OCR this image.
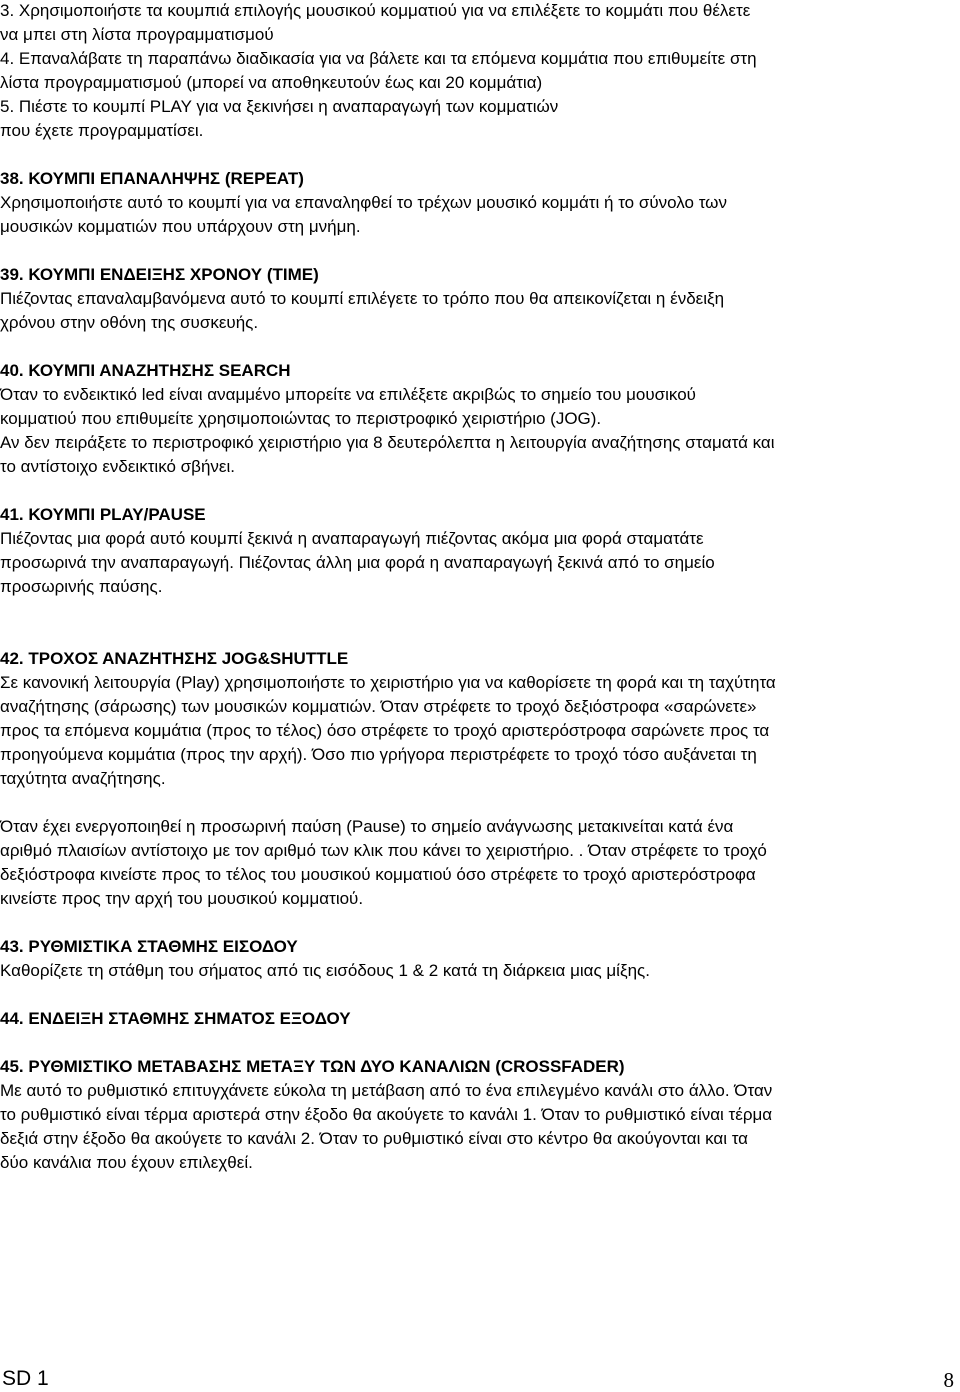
3. Χρησιμοποιήστε τα κουμπιά επιλογής μουσικού κομματιού για να επιλέξετε το κομμάτι που θέλετε
να μπει στη λίστα προγραμματισμού
4. Επαναλάβατε τη παραπάνω διαδικασία για να βάλετε και τα επόμενα κομμάτια που επιθυμείτε στη
λίστα προγραμματισμού (μπορεί να αποθηκευτούν έως και 20 κομμάτια)
5. Πιέστε το κουμπί PLAY για να ξεκινήσει η αναπαραγωγή των κομματιών
που έχετε προγραμματίσει.
38. ΚΟΥΜΠΙ ΕΠΑΝΑΛΗΨΗΣ (REPEAT)
Χρησιμοποιήστε αυτό το κουμπί για να επαναληφθεί το τρέχων μουσικό κομμάτι ή το σύνολο των
μουσικών κομματιών που υπάρχουν στη μνήμη.
39. ΚΟΥΜΠΙ ΕΝΔΕΙΞΗΣ ΧΡΟΝΟΥ (TIME)
Πιέζοντας επαναλαμβανόμενα αυτό το κουμπί επιλέγετε το τρόπο που θα απεικονίζεται η ένδειξη
χρόνου στην οθόνη της συσκευής.
40. ΚΟΥΜΠΙ ΑΝΑΖΗΤΗΣΗΣ SEARCH
Όταν το ενδεικτικό led είναι αναμμένο μπορείτε να επιλέξετε ακριβώς το σημείο του μουσικού
κομματιού που επιθυμείτε χρησιμοποιώντας το περιστροφικό χειριστήριο (JOG).
Αν δεν πειράξετε το περιστροφικό χειριστήριο για 8 δευτερόλεπτα η λειτουργία αναζήτησης σταματά και
το αντίστοιχο ενδεικτικό σβήνει.
41. ΚΟΥΜΠΙ PLAY/PAUSE
Πιέζοντας μια φορά αυτό κουμπί ξεκινά η αναπαραγωγή πιέζοντας ακόμα μια φορά σταματάτε
προσωρινά την αναπαραγωγή. Πιέζοντας άλλη μια φορά η αναπαραγωγή ξεκινά από το σημείο
προσωρινής παύσης.
42. ΤΡΟΧΟΣ ΑΝΑΖΗΤΗΣΗΣ JOG&SHUTTLE
Σε κανονική λειτουργία (Play) χρησιμοποιήστε το χειριστήριο για να καθορίσετε τη φορά και τη ταχύτητα
αναζήτησης (σάρωσης) των μουσικών κομματιών. Όταν στρέφετε το τροχό δεξιόστροφα «σαρώνετε»
προς τα επόμενα κομμάτια (προς το τέλος) όσο στρέφετε το τροχό αριστερόστροφα σαρώνετε προς τα
προηγούμενα κομμάτια (προς την αρχή). Όσο πιο γρήγορα περιστρέφετε το τροχό τόσο αυξάνεται τη
ταχύτητα αναζήτησης.
Όταν έχει ενεργοποιηθεί η προσωρινή παύση (Pause) το σημείο ανάγνωσης μετακινείται κατά ένα
αριθμό πλαισίων αντίστοιχο με τον αριθμό των κλικ που κάνει το χειριστήριο. . Όταν στρέφετε το τροχό
δεξιόστροφα κινείστε προς το τέλος του μουσικού κομματιού όσο στρέφετε το τροχό αριστερόστροφα
κινείστε προς την αρχή του μουσικού κομματιού.
43. ΡΥΘΜΙΣΤΙΚΑ ΣΤΑΘΜΗΣ ΕΙΣΟΔΟΥ
Καθορίζετε τη στάθμη του σήματος από τις εισόδους 1 & 2 κατά τη διάρκεια μιας μίξης.
44. ΕΝΔΕΙΞΗ ΣΤΑΘΜΗΣ ΣΗΜΑΤΟΣ ΕΞΟΔΟΥ
45. ΡΥΘΜΙΣΤΙΚΟ ΜΕΤΑΒΑΣΗΣ ΜΕΤΑΞΥ ΤΩΝ ΔΥΟ ΚΑΝΑΛΙΩΝ (CROSSFADER)
Με αυτό το ρυθμιστικό επιτυγχάνετε εύκολα τη μετάβαση από το ένα επιλεγμένο κανάλι στο άλλο. Όταν
το ρυθμιστικό είναι τέρμα αριστερά στην έξοδο θα ακούγετε το κανάλι 1. Όταν το ρυθμιστικό είναι τέρμα
δεξιά στην έξοδο θα ακούγετε το κανάλι 2. Όταν το ρυθμιστικό είναι στο κέντρο θα ακούγονται και τα
δύο κανάλια που έχουν επιλεχθεί.
SD 1	8
